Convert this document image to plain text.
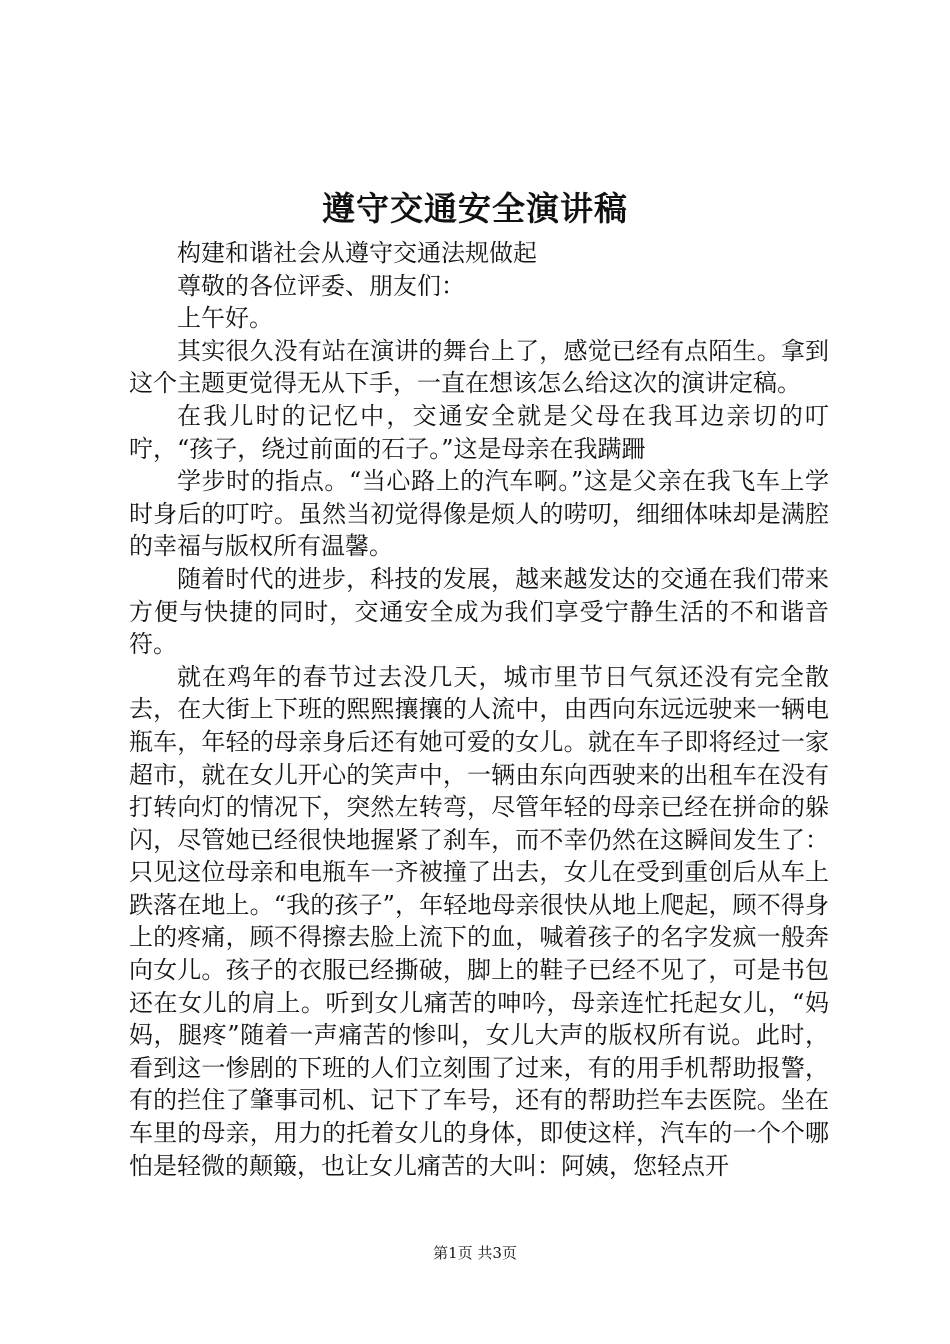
遵守交通安全演讲稿

构建和谐社会从遵守交通法规做起

尊敬的各位评委、朋友们：

上午好。

其实很久没有站在演讲的舞台上了，感觉已经有点陌生。拿到这个主题更觉得无从下手，一直在想该怎么给这次的演讲定稿。

在我儿时的记忆中，交通安全就是父母在我耳边亲切的叮咛，“孩子，绕过前面的石子。”这是母亲在我蹒跚

学步时的指点。“当心路上的汽车啊。”这是父亲在我飞车上学时身后的叮咛。虽然当初觉得像是烦人的唠叨，细细体味却是满腔的幸福与版权所有温馨。

随着时代的进步，科技的发展，越来越发达的交通在我们带来方便与快捷的同时，交通安全成为我们享受宁静生活的不和谐音符。

就在鸡年的春节过去没几天，城市里节日气氛还没有完全散去，在大街上下班的熙熙攘攘的人流中，由西向东远远驶来一辆电瓶车，年轻的母亲身后还有她可爱的女儿。就在车子即将经过一家超市，就在女儿开心的笑声中，一辆由东向西驶来的出租车在没有打转向灯的情况下，突然左转弯，尽管年轻的母亲已经在拼命的躲闪，尽管她已经很快地握紧了刹车，而不幸仍然在这瞬间发生了：只见这位母亲和电瓶车一齐被撞了出去，女儿在受到重创后从车上跌落在地上。“我的孩子”，年轻地母亲很快从地上爬起，顾不得身上的疼痛，顾不得擦去脸上流下的血，喊着孩子的名字发疯一般奔向女儿。孩子的衣服已经撕破，脚上的鞋子已经不见了，可是书包还在女儿的肩上。听到女儿痛苦的呻吟，母亲连忙托起女儿，“妈妈，腿疼”随着一声痛苦的惨叫，女儿大声的版权所有说。此时，看到这一惨剧的下班的人们立刻围了过来，有的用手机帮助报警，有的拦住了肇事司机、记下了车号，还有的帮助拦车去医院。坐在车里的母亲，用力的托着女儿的身体，即使这样，汽车的一个个哪怕是轻微的颠簸，也让女儿痛苦的大叫：阿姨，您轻点开

第1页 共3页
